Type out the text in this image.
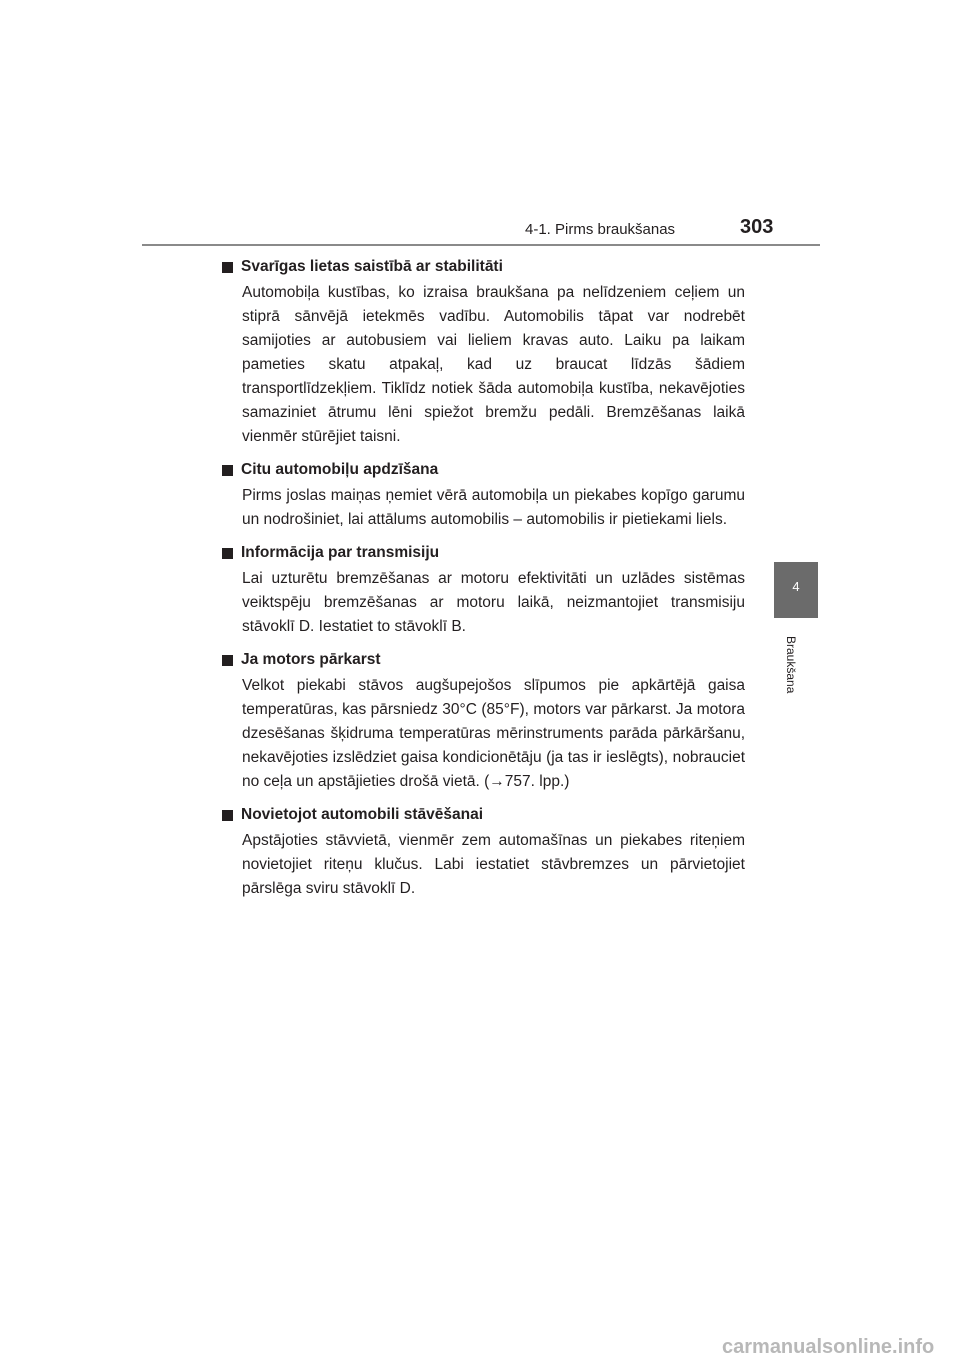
4-1. Pirms braukšanas	303
4
Braukšana
Svarīgas lietas saistībā ar stabilitāti

Automobiļa kustības, ko izraisa braukšana pa nelīdzeniem ceļiem un stiprā sānvējā ietekmēs vadību. Automobilis tāpat var nodrebēt samijoties ar autobusiem vai lieliem kravas auto. Laiku pa laikam pameties skatu atpakaļ, kad uz braucat līdzās šādiem transportlīdzekļiem. Tiklīdz notiek šāda automobiļa kustība, nekavējoties samaziniet ātrumu lēni spiežot bremžu pedāli. Bremzēšanas laikā vienmēr stūrējiet taisni.

Citu automobiļu apdzīšana

Pirms joslas maiņas ņemiet vērā automobiļa un piekabes kopīgo garumu un nodrošiniet, lai attālums automobilis – automobilis ir pietiekami liels.

Informācija par transmisiju

Lai uzturētu bremzēšanas ar motoru efektivitāti un uzlādes sistēmas veiktspēju bremzēšanas ar motoru laikā, neizmantojiet transmisiju stāvoklī D. Iestatiet to stāvoklī B.

Ja motors pārkarst

Velkot piekabi stāvos augšupejošos slīpumos pie apkārtējā gaisa temperatūras, kas pārsniedz 30°C (85°F), motors var pārkarst. Ja motora dzesēšanas šķidruma temperatūras mērinstruments parāda pārkāršanu, nekavējoties izslēdziet gaisa kondicionētāju (ja tas ir ieslēgts), nobrauciet no ceļa un apstājieties drošā vietā. (→757. lpp.)

Novietojot automobili stāvēšanai

Apstājoties stāvvietā, vienmēr zem automašīnas un piekabes riteņiem novietojiet riteņu klučus. Labi iestatiet stāvbremzes un pārvietojiet pārslēga sviru stāvoklī D.

carmanualsonline.info
